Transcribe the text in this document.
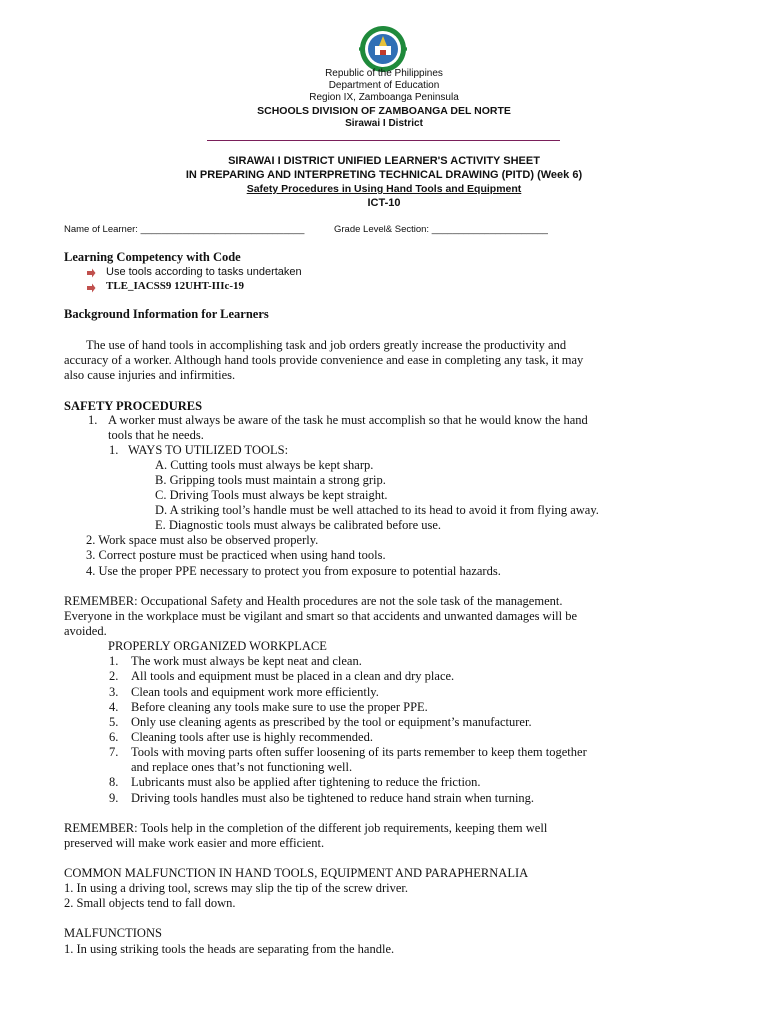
Republic of the Philippines
Department of Education
Region IX, Zamboanga Peninsula
SCHOOLS DIVISION OF ZAMBOANGA DEL NORTE
Sirawai I District
SIRAWAI I DISTRICT UNIFIED LEARNER'S ACTIVITY SHEET
IN PREPARING AND INTERPRETING TECHNICAL DRAWING (PITD) (Week 6)
Safety Procedures in Using Hand Tools and Equipment
ICT-10
Name of Learner: _______________________________	Grade Level& Section: ______________________
Learning Competency with Code
Use tools according to tasks undertaken
TLE_IACSS9 12UHT-IIIc-19
Background Information for Learners
The use of hand tools in accomplishing task and job orders greatly increase the productivity and
accuracy of a worker. Although hand tools provide convenience and ease in completing any task, it may
also cause injuries and infirmities.
SAFETY PROCEDURES
1. A worker must always be aware of the task he must accomplish so that he would know the hand
tools that he needs.
1. WAYS TO UTILIZED TOOLS:
A. Cutting tools must always be kept sharp.
B. Gripping tools must maintain a strong grip.
C. Driving Tools must always be kept straight.
D. A striking tool’s handle must be well attached to its head to avoid it from flying away.
E. Diagnostic tools must always be calibrated before use.
2. Work space must also be observed properly.
3. Correct posture must be practiced when using hand tools.
4. Use the proper PPE necessary to protect you from exposure to potential hazards.
REMEMBER: Occupational Safety and Health procedures are not the sole task of the management.
Everyone in the workplace must be vigilant and smart so that accidents and unwanted damages will be
avoided.
PROPERLY ORGANIZED WORKPLACE
1. The work must always be kept neat and clean.
2. All tools and equipment must be placed in a clean and dry place.
3. Clean tools and equipment work more efficiently.
4. Before cleaning any tools make sure to use the proper PPE.
5. Only use cleaning agents as prescribed by the tool or equipment’s manufacturer.
6. Cleaning tools after use is highly recommended.
7. Tools with moving parts often suffer loosening of its parts remember to keep them together
and replace ones that’s not functioning well.
8. Lubricants must also be applied after tightening to reduce the friction.
9. Driving tools handles must also be tightened to reduce hand strain when turning.
REMEMBER: Tools help in the completion of the different job requirements, keeping them well
preserved will make work easier and more efficient.
COMMON MALFUNCTION IN HAND TOOLS, EQUIPMENT AND PARAPHERNALIA
1. In using a driving tool, screws may slip the tip of the screw driver.
2. Small objects tend to fall down.
MALFUNCTIONS
1. In using striking tools the heads are separating from the handle.
